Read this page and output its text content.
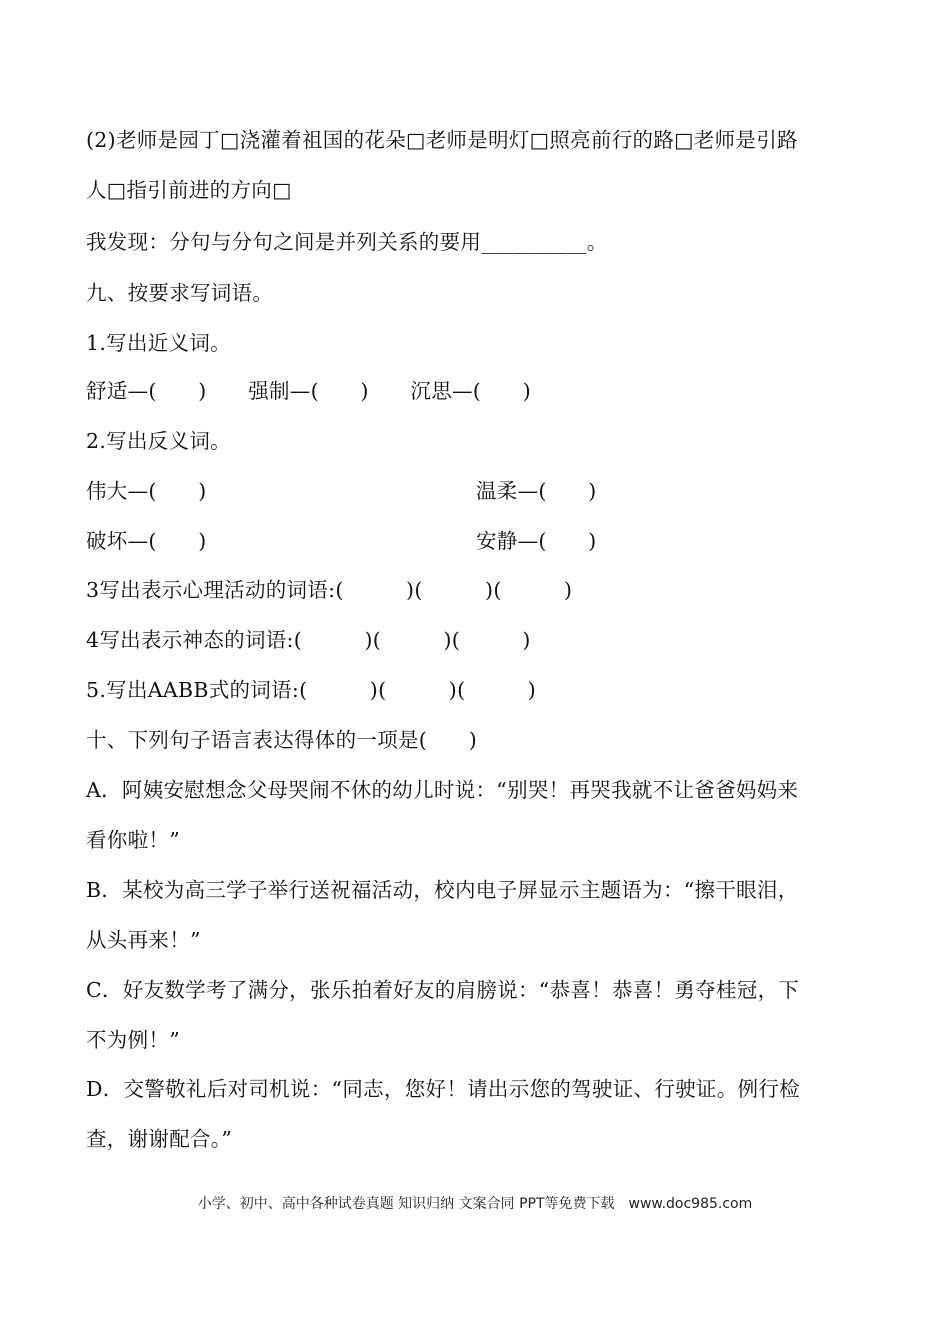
(2)老师是园丁□浇灌着祖国的花朵□老师是明灯□照亮前行的路□老师是引路
人□指引前进的方向□
我发现：分句与分句之间是并列关系的要用__________。
九、按要求写词语。
1.写出近义词。
舒适—(　　)　　强制—(　　)　　沉思—(　　)
2.写出反义词。
伟大—(　　)	温柔—(　　)
破坏—(　　)	安静—(　　)
3写出表示心理活动的词语:(　　　)(　　　)(　　　)
4写出表示神态的词语:(　　　)(　　　)(　　　)
5.写出AABB式的词语:(　　　)(　　　)(　　　)
十、下列句子语言表达得体的一项是(　　)
A．阿姨安慰想念父母哭闹不休的幼儿时说：“别哭！再哭我就不让爸爸妈妈来
看你啦！”
B．某校为高三学子举行送祝福活动，校内电子屏显示主题语为：“擦干眼泪，
从头再来！”
C．好友数学考了满分，张乐拍着好友的肩膀说：“恭喜！恭喜！勇夺桂冠，下
不为例！”
D．交警敬礼后对司机说：“同志，您好！请出示您的驾驶证、行驶证。例行检
查，谢谢配合。”
小学、初中、高中各种试卷真题 知识归纳 文案合同 PPT等免费下载　www.doc985.com
